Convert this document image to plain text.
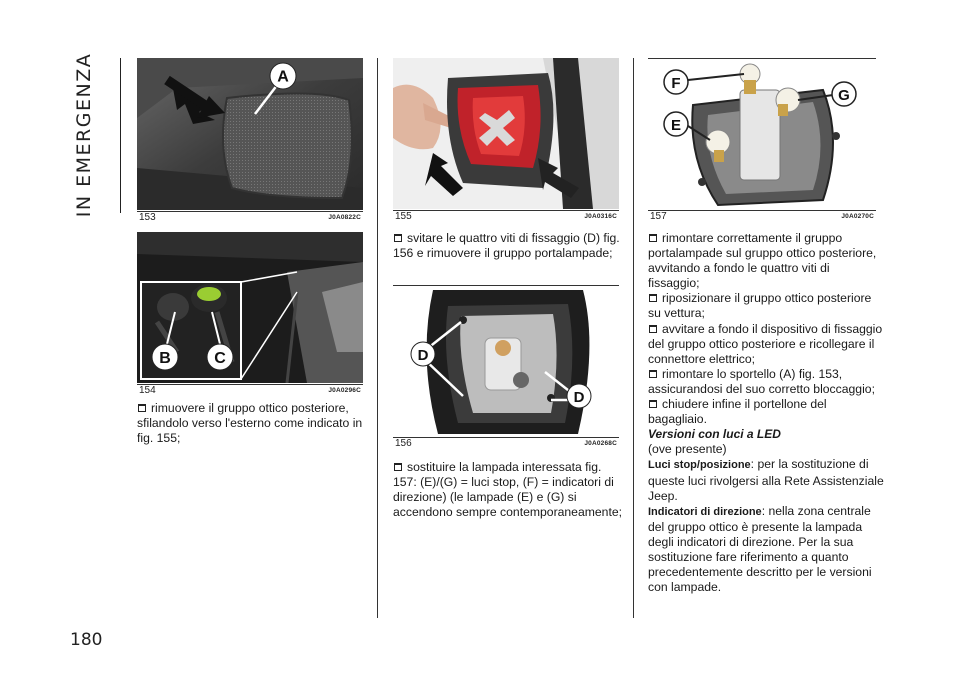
IN EMERGENZA
180
A
153	J0A0822C
B	C
154	J0A0296C

rimuovere il gruppo ottico posteriore, sfilandolo verso l'esterno come indicato in fig. 155;

155	J0A0316C

svitare le quattro viti di fissaggio (D) fig. 156 e rimuovere il gruppo portalampade;

D
D
156	J0A0268C

sostituire la lampada interessata fig. 157: (E)/(G) = luci stop, (F) = indicatori di direzione) (le lampade (E) e (G) si accendono sempre contemporaneamente;

F
G
E
157	J0A0270C

rimontare correttamente il gruppo portalampade sul gruppo ottico posteriore, avvitando a fondo le quattro viti di fissaggio;

riposizionare il gruppo ottico posteriore su vettura;

avvitare a fondo il dispositivo di fissaggio del gruppo ottico posteriore e ricollegare il connettore elettrico;

rimontare lo sportello (A) fig. 153, assicurandosi del suo corretto bloccaggio;

chiudere infine il portellone del bagagliaio.

Versioni con luci a LED

(ove presente)

Luci stop/posizione: per la sostituzione di queste luci rivolgersi alla Rete Assistenziale Jeep.

Indicatori di direzione: nella zona centrale del gruppo ottico è presente la lampada degli indicatori di direzione. Per la sua sostituzione fare riferimento a quanto precedentemente descritto per le versioni con lampade.
